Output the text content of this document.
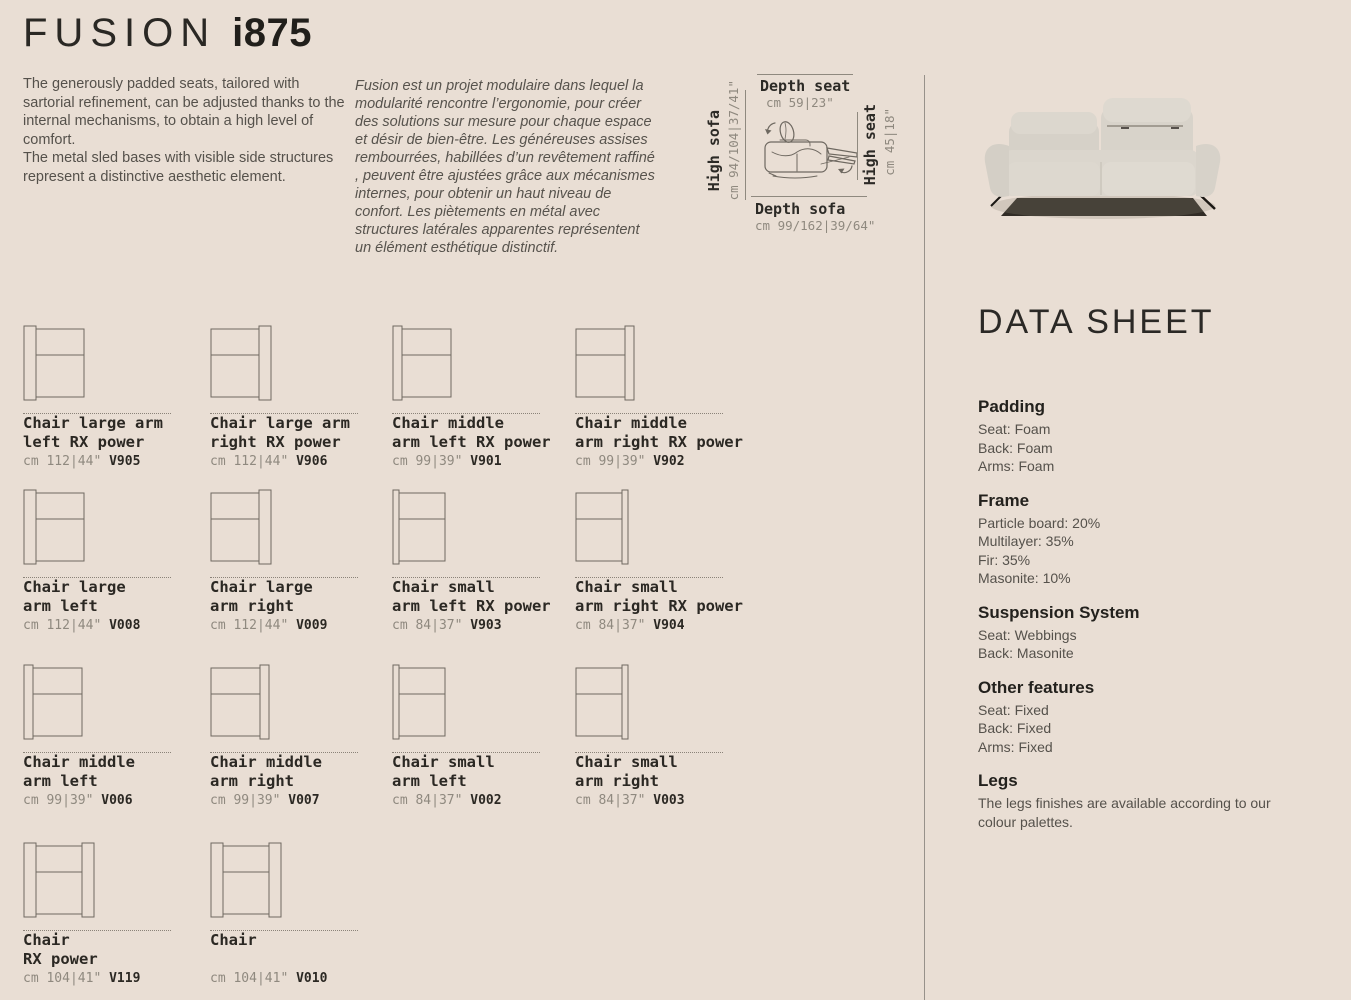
FUSION i875
The generously padded seats, tailored with sartorial refinement, can be adjusted thanks to the internal mechanisms, to obtain a high level of comfort.
The metal sled bases with visible side structures represent a distinctive aesthetic element.
Fusion est un projet modulaire dans lequel la modularité rencontre l’ergonomie, pour créer des solutions sur mesure pour chaque espace et désir de bien-être. Les généreuses assises rembourrées, habillées d’un revêtement raffiné , peuvent être ajustées grâce aux mécanismes internes, pour obtenir un haut niveau de confort. Les piètements en métal avec structures latérales apparentes représentent un élément esthétique distinctif.
Depth seat
cm 59|23"
High sofa cm 94/104|37/41"	High seat cm 45|18"
Depth sofa
cm 99/162|39/64"
DATA SHEET
Padding
Seat: Foam
Back: Foam
Arms: Foam
Frame
Particle board: 20%
Multilayer: 35%
Fir: 35%
Masonite: 10%
Suspension System
Seat: Webbings
Back: Masonite
Other features
Seat: Fixed
Back: Fixed
Arms: Fixed
Legs
The legs finishes are available according to our colour palettes.
Chair large arm
left RX power
cm 112|44" V905
Chair large arm
right RX power
cm 112|44" V906
Chair middle
arm left RX power
cm 99|39" V901
Chair middle
arm right RX power
cm 99|39" V902
Chair large
arm left
cm 112|44" V008
Chair large
arm right
cm 112|44" V009
Chair small
arm left RX power
cm 84|37" V903
Chair small
arm right RX power
cm 84|37" V904
Chair middle
arm left
cm 99|39" V006
Chair middle
arm right
cm 99|39" V007
Chair small
arm left
cm 84|37" V002
Chair small
arm right
cm 84|37" V003
Chair
RX power
cm 104|41" V119
Chair

cm 104|41" V010
